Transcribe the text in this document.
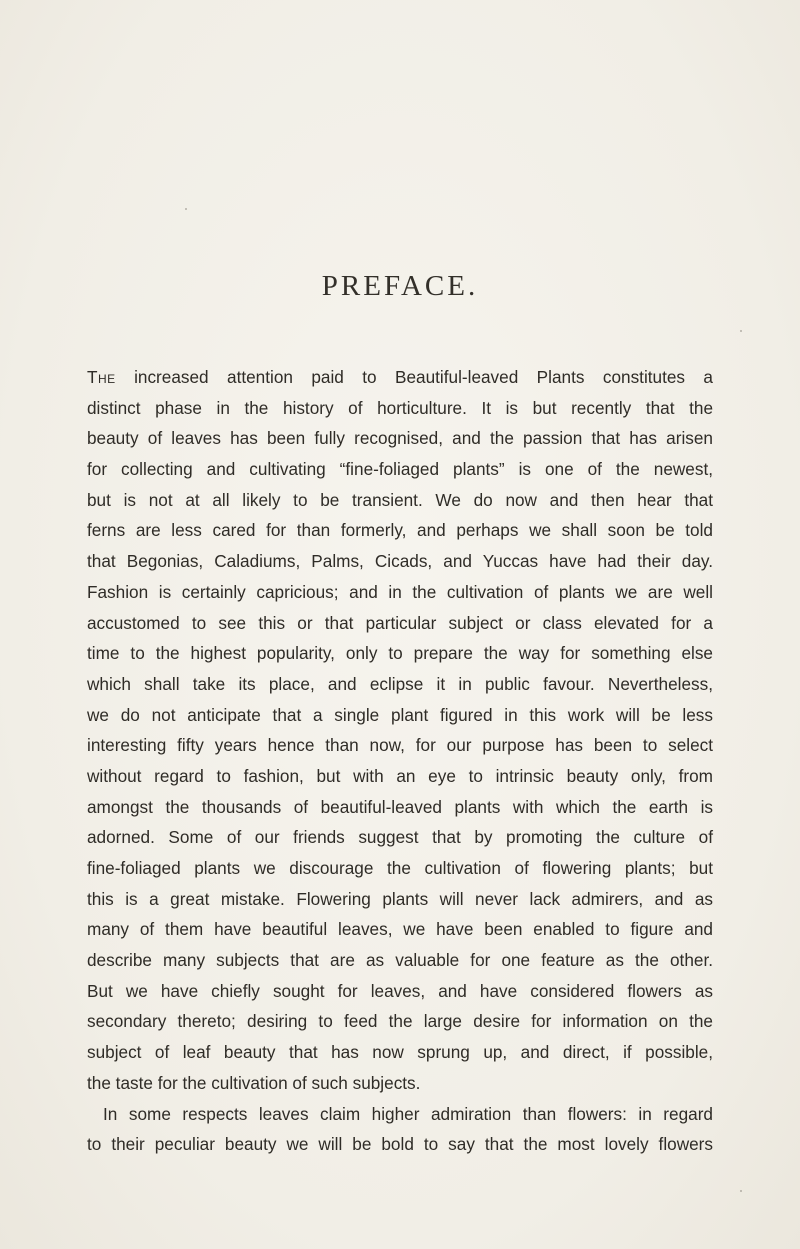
PREFACE.
The increased attention paid to Beautiful-leaved Plants constitutes a
distinct phase in the history of horticulture. It is but recently that the
beauty of leaves has been fully recognised, and the passion that has arisen
for collecting and cultivating “fine-foliaged plants” is one of the newest,
but is not at all likely to be transient. We do now and then hear that
ferns are less cared for than formerly, and perhaps we shall soon be told
that Begonias, Caladiums, Palms, Cicads, and Yuccas have had their day.
Fashion is certainly capricious; and in the cultivation of plants we are well
accustomed to see this or that particular subject or class elevated for a
time to the highest popularity, only to prepare the way for something else
which shall take its place, and eclipse it in public favour. Nevertheless,
we do not anticipate that a single plant figured in this work will be less
interesting fifty years hence than now, for our purpose has been to select
without regard to fashion, but with an eye to intrinsic beauty only, from
amongst the thousands of beautiful-leaved plants with which the earth is
adorned. Some of our friends suggest that by promoting the culture of
fine-foliaged plants we discourage the cultivation of flowering plants; but
this is a great mistake. Flowering plants will never lack admirers, and as
many of them have beautiful leaves, we have been enabled to figure and
describe many subjects that are as valuable for one feature as the other.
But we have chiefly sought for leaves, and have considered flowers as
secondary thereto; desiring to feed the large desire for information on the
subject of leaf beauty that has now sprung up, and direct, if possible,
the taste for the cultivation of such subjects.
In some respects leaves claim higher admiration than flowers: in regard
to their peculiar beauty we will be bold to say that the most lovely flowers
